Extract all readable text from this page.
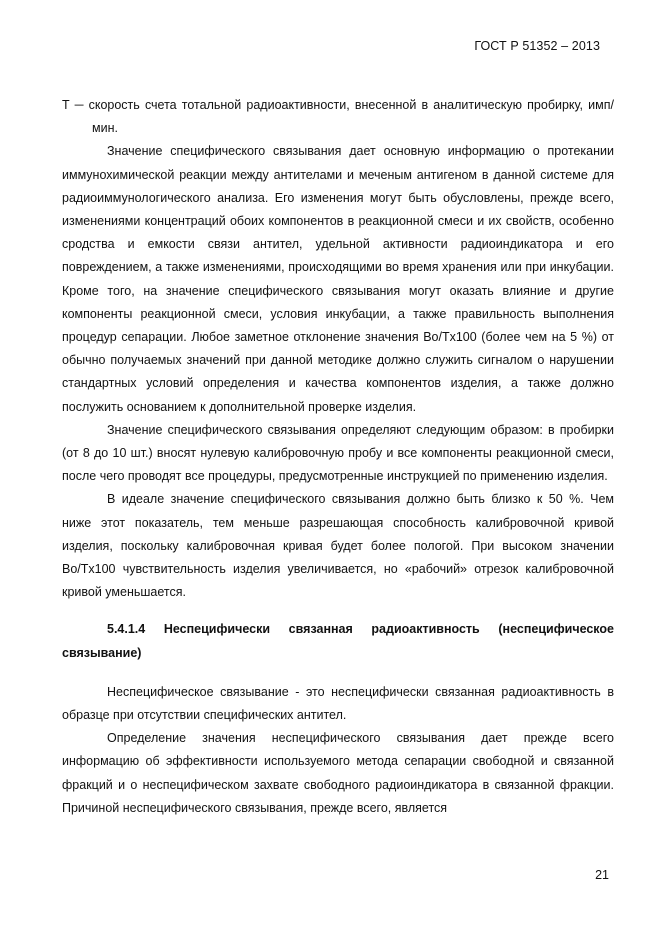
ГОСТ Р 51352 – 2013

T ─ скорость счета тотальной радиоактивности, внесенной в аналитическую пробирку, имп/мин.

Значение специфического связывания дает основную информацию о протекании иммунохимической реакции между антителами и меченым антигеном в данной системе для радиоиммунологического анализа. Его изменения могут быть обусловлены, прежде всего, изменениями концентраций обоих компонентов в реакционной смеси и их свойств, особенно сродства и емкости связи антител, удельной активности радиоиндикатора и его повреждением, а также изменениями, происходящими во время хранения или при инкубации. Кроме того, на значение специфического связывания могут оказать влияние и другие компоненты реакционной смеси, условия инкубации, а также правильность выполнения процедур сепарации. Любое заметное отклонение значения Bo/Tx100 (более чем на 5 %) от обычно получаемых значений при данной методике должно служить сигналом о нарушении стандартных условий определения и качества компонентов изделия, а также должно послужить основанием к дополнительной проверке изделия.

Значение специфического связывания определяют следующим образом: в пробирки (от 8 до 10 шт.) вносят нулевую калибровочную пробу и все компоненты реакционной смеси, после чего проводят все процедуры, предусмотренные инструкцией по применению изделия.

В идеале значение специфического связывания должно быть близко к 50 %. Чем ниже этот показатель, тем меньше разрешающая способность калибровочной кривой изделия, поскольку калибровочная кривая будет более пологой. При высоком значении Bo/Tx100 чувствительность изделия увеличивается, но «рабочий» отрезок калибровочной кривой уменьшается.

5.4.1.4 Неспецифически связанная радиоактивность (неспецифическое связывание)

Неспецифическое связывание - это неспецифически связанная радиоактивность в образце при отсутствии специфических антител.

Определение значения неспецифического связывания дает прежде всего информацию об эффективности используемого метода сепарации свободной и связанной фракций и о неспецифическом захвате свободного радиоиндикатора в связанной фракции. Причиной неспецифического связывания, прежде всего, является

21
